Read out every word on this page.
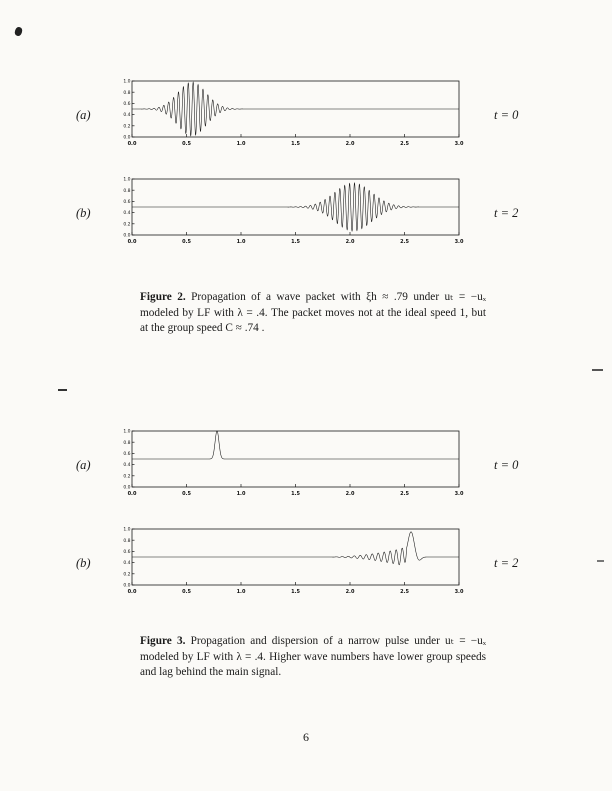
(a)
0.0	0.5	1.0	1.5	2.0	2.5	3.0
0.0
0.2
0.4
0.6
0.8
1.0
t = 0
(b)
0.0	0.5	1.0	1.5	2.0	2.5	3.0
0.0
0.2
0.4
0.6
0.8
1.0
t = 2
Figure 2. Propagation of a wave packet with ξh ≈ .79 under uₜ = −uₓ modeled by LF with λ = .4. The packet moves not at the ideal speed 1, but at the group speed C ≈ .74 .
(a)
0.0	0.5	1.0	1.5	2.0	2.5	3.0
0.0
0.2
0.4
0.6
0.8
1.0
t = 0
(b)
0.0	0.5	1.0	1.5	2.0	2.5	3.0
0.0
0.2
0.4
0.6
0.8
1.0
t = 2
Figure 3. Propagation and dispersion of a narrow pulse under uₜ = −uₓ modeled by LF with λ = .4. Higher wave numbers have lower group speeds and lag behind the main signal.
6
